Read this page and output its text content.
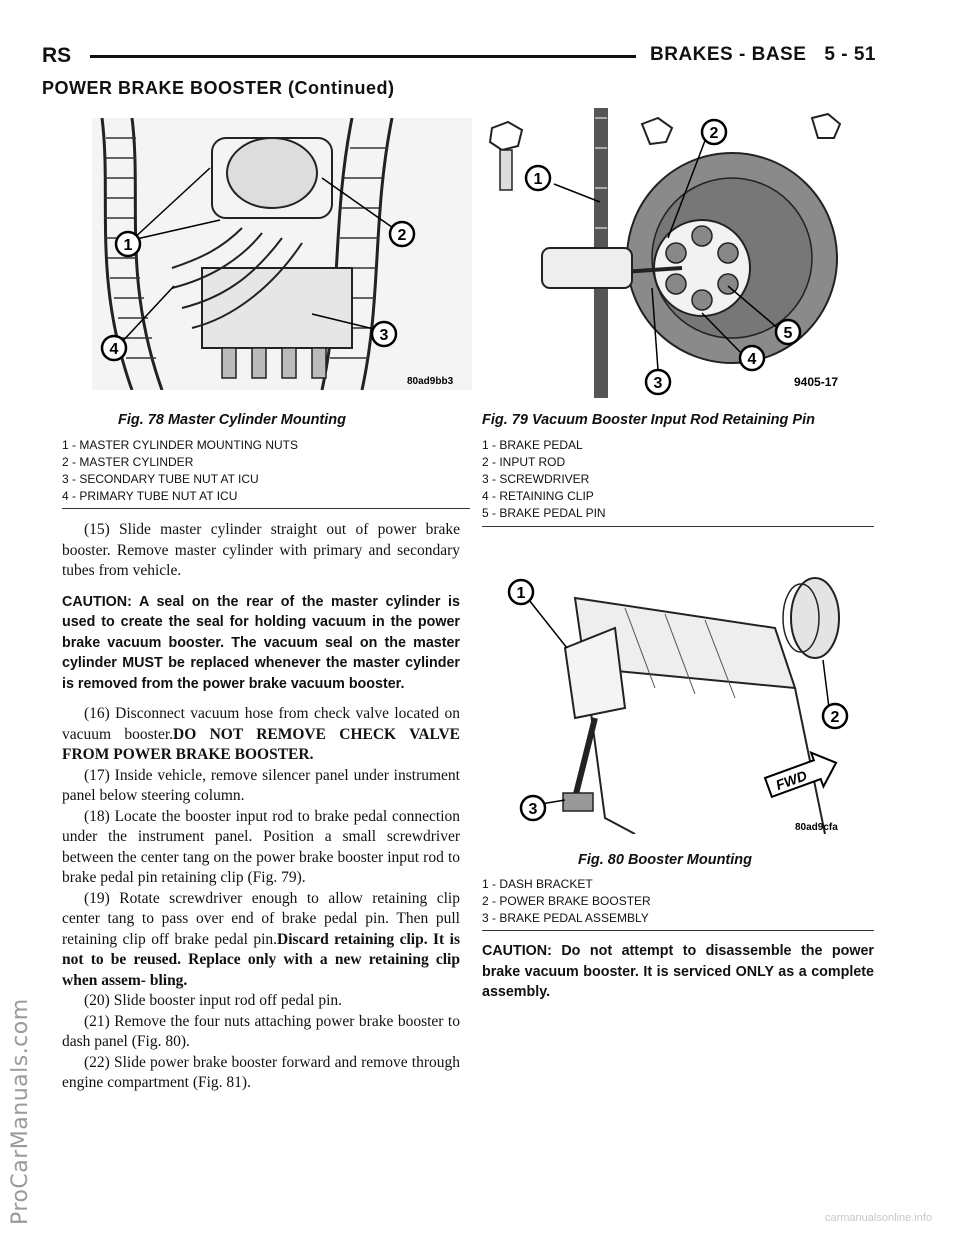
RS	BRAKES - BASE 5 - 51
POWER BRAKE BOOSTER (Continued)
1
2
3
4
80ad9bb3
Fig. 78 Master Cylinder Mounting
1 - MASTER CYLINDER MOUNTING NUTS
2 - MASTER CYLINDER
3 - SECONDARY TUBE NUT AT ICU
4 - PRIMARY TUBE NUT AT ICU
1
2
3
4
5
9405-17
Fig. 79 Vacuum Booster Input Rod Retaining Pin
1 - BRAKE PEDAL
2 - INPUT ROD
3 - SCREWDRIVER
4 - RETAINING CLIP
5 - BRAKE PEDAL PIN
1
2
3
FWD
80ad9cfa
Fig. 80 Booster Mounting
1 - DASH BRACKET
2 - POWER BRAKE BOOSTER
3 - BRAKE PEDAL ASSEMBLY

(15) Slide master cylinder straight out of power brake booster. Remove master cylinder with primary and secondary tubes from vehicle.

CAUTION: A seal on the rear of the master cylinder is used to create the seal for holding vacuum in the power brake vacuum booster. The vacuum seal on the master cylinder MUST be replaced whenever the master cylinder is removed from the power brake vacuum booster.

(16) Disconnect vacuum hose from check valve located on vacuum booster.DO NOT REMOVE CHECK VALVE FROM POWER BRAKE BOOSTER.

(17) Inside vehicle, remove silencer panel under instrument panel below steering column.

(18) Locate the booster input rod to brake pedal connection under the instrument panel. Position a small screwdriver between the center tang on the power brake booster input rod to brake pedal pin retaining clip (Fig. 79).

(19) Rotate screwdriver enough to allow retaining clip center tang to pass over end of brake pedal pin. Then pull retaining clip off brake pedal pin.Discard retaining clip. It is not to be reused. Replace only with a new retaining clip when assem- bling.

(20) Slide booster input rod off pedal pin.

(21) Remove the four nuts attaching power brake booster to dash panel (Fig. 80).

(22) Slide power brake booster forward and remove through engine compartment (Fig. 81).

CAUTION: Do not attempt to disassemble the power brake vacuum booster. It is serviced ONLY as a complete assembly.

ProCarManuals.com	carmanualsonline.info
